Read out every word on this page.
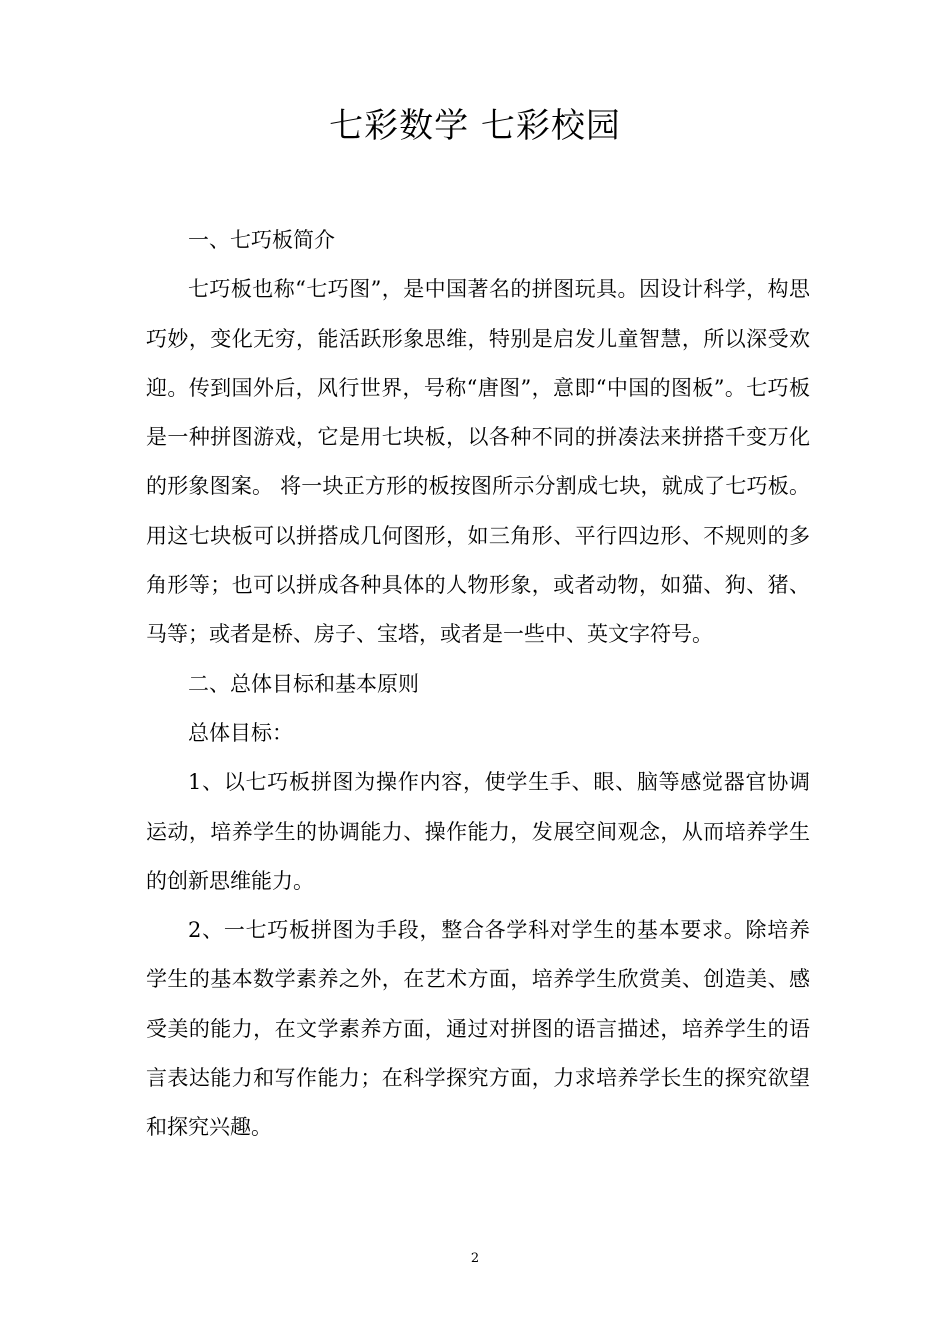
七彩数学 七彩校园

一、七巧板简介

七巧板也称“七巧图”，是中国著名的拼图玩具。因设计科学，构思巧妙，变化无穷，能活跃形象思维，特别是启发儿童智慧，所以深受欢迎。传到国外后，风行世界，号称“唐图”，意即“中国的图板”。七巧板是一种拼图游戏，它是用七块板，以各种不同的拼凑法来拼搭千变万化的形象图案。 将一块正方形的板按图所示分割成七块，就成了七巧板。用这七块板可以拼搭成几何图形，如三角形、平行四边形、不规则的多角形等；也可以拼成各种具体的人物形象，或者动物，如猫、狗、猪、马等；或者是桥、房子、宝塔，或者是一些中、英文字符号。

二、总体目标和基本原则

总体目标：

1、以七巧板拼图为操作内容，使学生手、眼、脑等感觉器官协调运动，培养学生的协调能力、操作能力，发展空间观念，从而培养学生的创新思维能力。

2、一七巧板拼图为手段，整合各学科对学生的基本要求。除培养学生的基本数学素养之外，在艺术方面，培养学生欣赏美、创造美、感受美的能力，在文学素养方面，通过对拼图的语言描述，培养学生的语言表达能力和写作能力；在科学探究方面，力求培养学长生的探究欲望和探究兴趣。

2
